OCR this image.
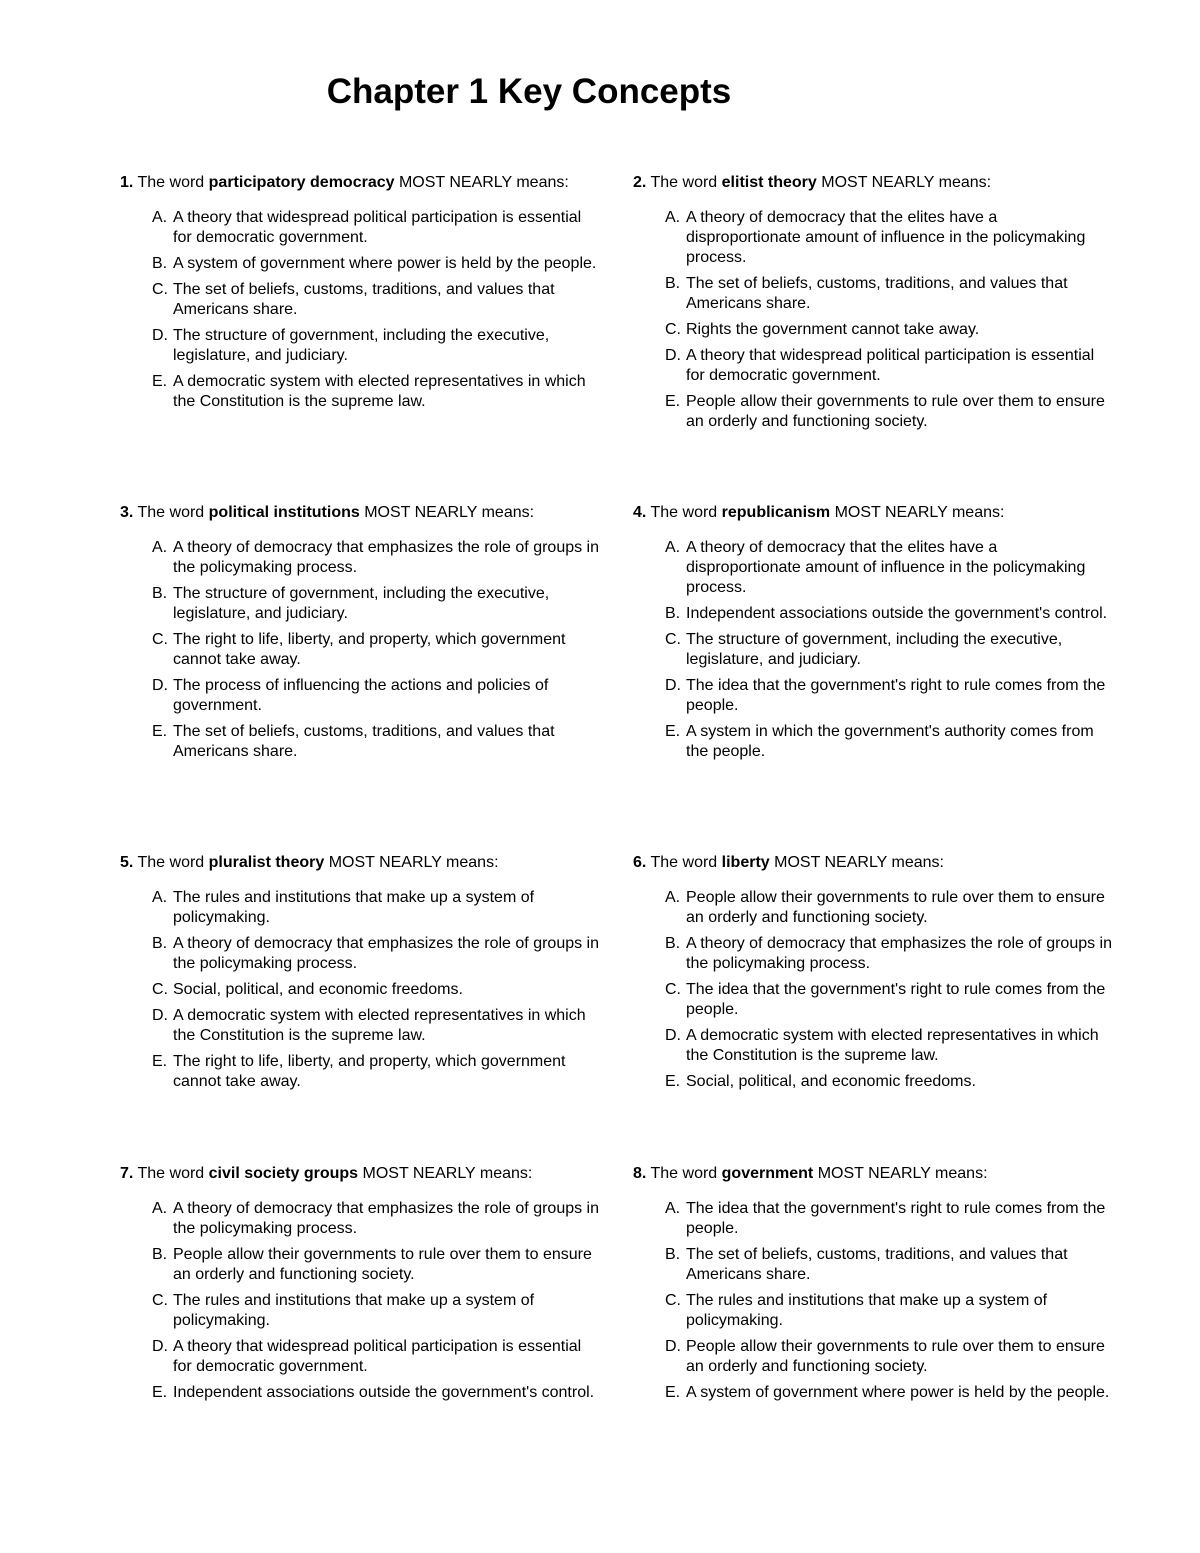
Chapter 1 Key Concepts

1. The word participatory democracy MOST NEARLY means:

A. A theory that widespread political participation is essential for democratic government.
B. A system of government where power is held by the people.
C. The set of beliefs, customs, traditions, and values that Americans share.
D. The structure of government, including the executive, legislature, and judiciary.
E. A democratic system with elected representatives in which the Constitution is the supreme law.

2. The word elitist theory MOST NEARLY means:

A. A theory of democracy that the elites have a disproportionate amount of influence in the policymaking process.
B. The set of beliefs, customs, traditions, and values that Americans share.
C. Rights the government cannot take away.
D. A theory that widespread political participation is essential for democratic government.
E. People allow their governments to rule over them to ensure an orderly and functioning society.

3. The word political institutions MOST NEARLY means:

A. A theory of democracy that emphasizes the role of groups in the policymaking process.
B. The structure of government, including the executive, legislature, and judiciary.
C. The right to life, liberty, and property, which government cannot take away.
D. The process of influencing the actions and policies of government.
E. The set of beliefs, customs, traditions, and values that Americans share.

4. The word republicanism MOST NEARLY means:

A. A theory of democracy that the elites have a disproportionate amount of influence in the policymaking process.
B. Independent associations outside the government's control.
C. The structure of government, including the executive, legislature, and judiciary.
D. The idea that the government's right to rule comes from the people.
E. A system in which the government's authority comes from the people.

5. The word pluralist theory MOST NEARLY means:

A. The rules and institutions that make up a system of policymaking.
B. A theory of democracy that emphasizes the role of groups in the policymaking process.
C. Social, political, and economic freedoms.
D. A democratic system with elected representatives in which the Constitution is the supreme law.
E. The right to life, liberty, and property, which government cannot take away.

6. The word liberty MOST NEARLY means:

A. People allow their governments to rule over them to ensure an orderly and functioning society.
B. A theory of democracy that emphasizes the role of groups in the policymaking process.
C. The idea that the government's right to rule comes from the people.
D. A democratic system with elected representatives in which the Constitution is the supreme law.
E. Social, political, and economic freedoms.

7. The word civil society groups MOST NEARLY means:

A. A theory of democracy that emphasizes the role of groups in the policymaking process.
B. People allow their governments to rule over them to ensure an orderly and functioning society.
C. The rules and institutions that make up a system of policymaking.
D. A theory that widespread political participation is essential for democratic government.
E. Independent associations outside the government's control.

8. The word government MOST NEARLY means:

A. The idea that the government's right to rule comes from the people.
B. The set of beliefs, customs, traditions, and values that Americans share.
C. The rules and institutions that make up a system of policymaking.
D. People allow their governments to rule over them to ensure an orderly and functioning society.
E. A system of government where power is held by the people.
